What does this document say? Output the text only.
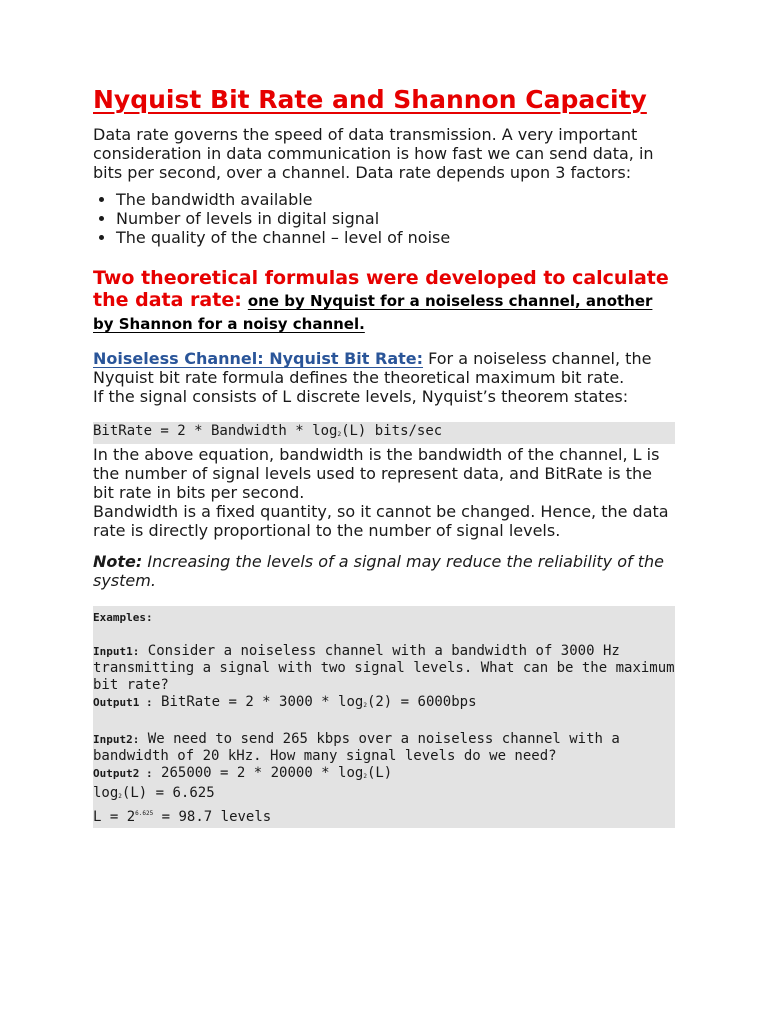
Nyquist Bit Rate and Shannon Capacity

Data rate governs the speed of data transmission. A very important consideration in data communication is how fast we can send data, in bits per second, over a channel. Data rate depends upon 3 factors:

• The bandwidth available
• Number of levels in digital signal
• The quality of the channel – level of noise

Two theoretical formulas were developed to calculate the data rate: one by Nyquist for a noiseless channel, another by Shannon for a noisy channel.

Noiseless Channel: Nyquist Bit Rate: For a noiseless channel, the Nyquist bit rate formula defines the theoretical maximum bit rate.
If the signal consists of L discrete levels, Nyquist’s theorem states:

BitRate = 2 * Bandwidth * $\log_2(L)$ bits/sec

In the above equation, bandwidth is the bandwidth of the channel, L is the number of signal levels used to represent data, and BitRate is the bit rate in bits per second.

Bandwidth is a fixed quantity, so it cannot be changed. Hence, the data rate is directly proportional to the number of signal levels.

Note: Increasing the levels of a signal may reduce the reliability of the system.

Examples:
Input1: Consider a noiseless channel with a bandwidth of 3000 Hz transmitting a signal with two signal levels. What can be the maximum bit rate?
Output1 : BitRate = $2 * 3000 * \log_2(2) = 6000bps$
Input2: We need to send 265 kbps over a noiseless channel with a bandwidth of 20 kHz. How many signal levels do we need?
Output2 : $265000 = 2 * 20000 * \log_2(L)$
$\log_2(L) = 6.625$
$L = 2^{6.625} = 98.7$ levels
